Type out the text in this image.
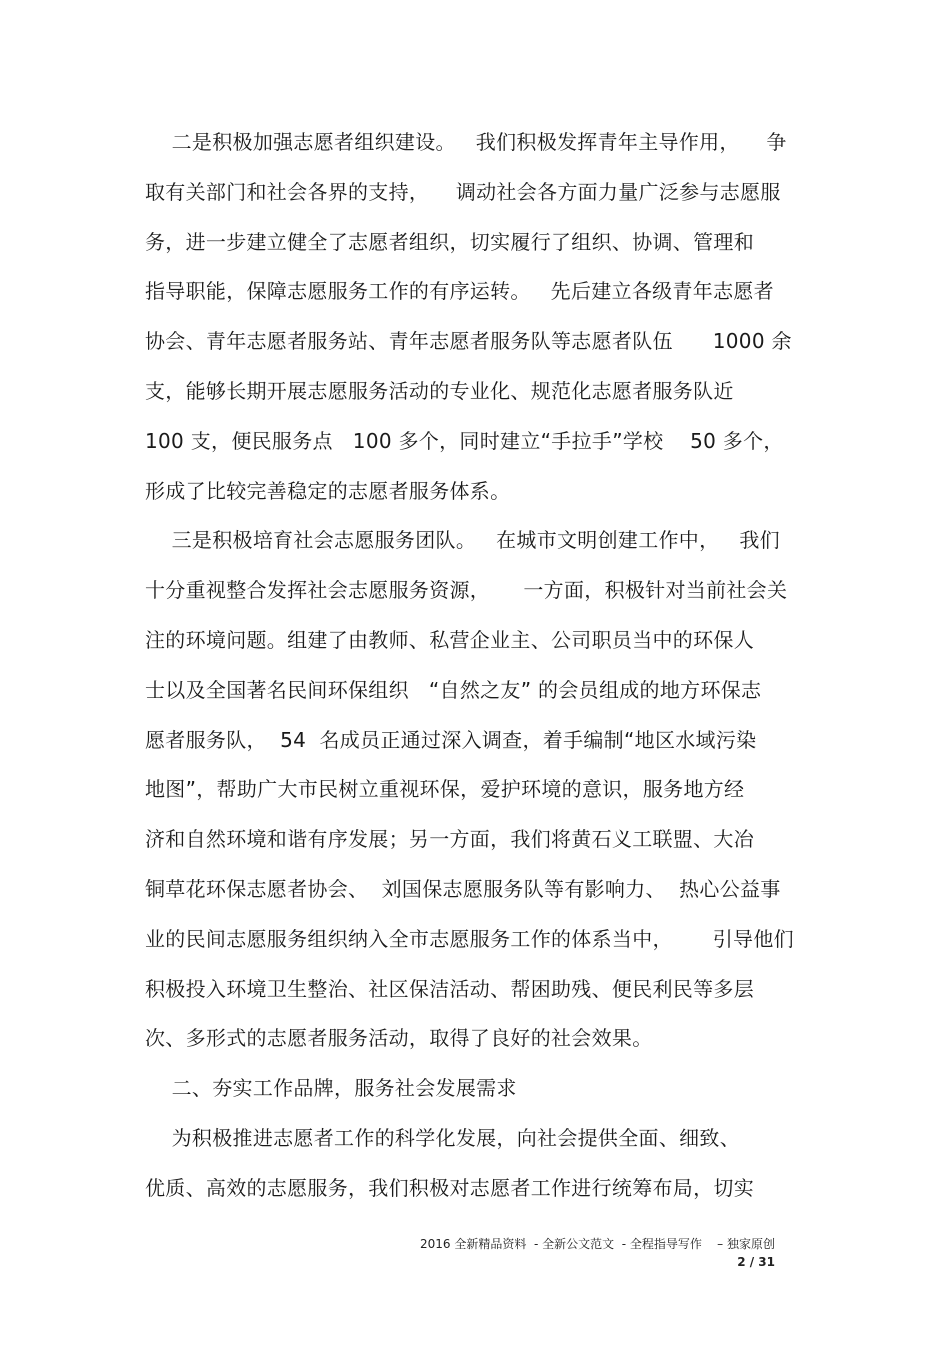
二是积极加强志愿者组织建设。   我们积极发挥青年主导作用，    争
取有关部门和社会各界的支持，    调动社会各方面力量广泛参与志愿服
务，进一步建立健全了志愿者组织，切实履行了组织、协调、管理和
指导职能，保障志愿服务工作的有序运转。   先后建立各级青年志愿者
协会、青年志愿者服务站、青年志愿者服务队等志愿者队伍      1000 余
支，能够长期开展志愿服务活动的专业化、规范化志愿者服务队近
100 支，便民服务点   100 多个，同时建立“手拉手”学校    50 多个，
形成了比较完善稳定的志愿者服务体系。
三是积极培育社会志愿服务团队。   在城市文明创建工作中，   我们
十分重视整合发挥社会志愿服务资源，     一方面，积极针对当前社会关
注的环境问题。组建了由教师、私营企业主、公司职员当中的环保人
士以及全国著名民间环保组织   “自然之友” 的会员组成的地方环保志
愿者服务队，  54  名成员正通过深入调查，着手编制“地区水域污染
地图”，帮助广大市民树立重视环保，爱护环境的意识，服务地方经
济和自然环境和谐有序发展；另一方面，我们将黄石义工联盟、大冶
铜草花环保志愿者协会、  刘国保志愿服务队等有影响力、  热心公益事
业的民间志愿服务组织纳入全市志愿服务工作的体系当中，      引导他们
积极投入环境卫生整治、社区保洁活动、帮困助残、便民利民等多层
次、多形式的志愿者服务活动，取得了良好的社会效果。
二、夯实工作品牌，服务社会发展需求
为积极推进志愿者工作的科学化发展，向社会提供全面、细致、
优质、高效的志愿服务，我们积极对志愿者工作进行统筹布局，切实
2016 全新精品资料  - 全新公文范文  - 全程指导写作    – 独家原创
2 / 31
